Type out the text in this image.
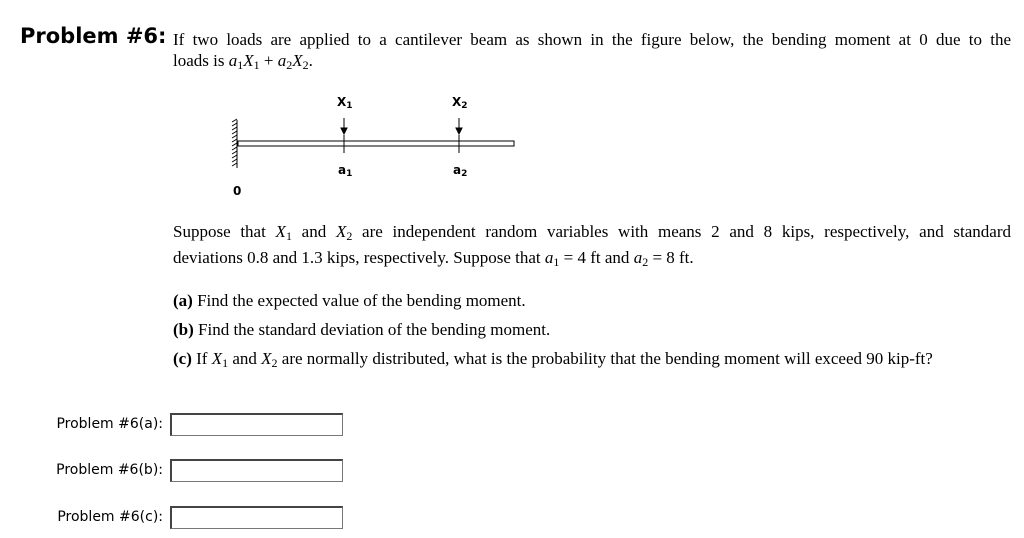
Problem #6: If two loads are applied to a cantilever beam as shown in the figure below, the bending moment at 0 due to the
loads is $a_1X_1 + a_2X_2$.
X1	X2
a1	a2
0
Suppose that $X_1$ and $X_2$ are independent random variables with means 2 and 8 kips, respectively, and standard
deviations 0.8 and 1.3 kips, respectively. Suppose that $a_1 = 4$ ft and $a_2 = 8$ ft.
(a) Find the expected value of the bending moment.
(b) Find the standard deviation of the bending moment.
(c) If $X_1$ and $X_2$ are normally distributed, what is the probability that the bending moment will exceed 90 kip-ft?
Problem #6(a):
Problem #6(b):
Problem #6(c):
